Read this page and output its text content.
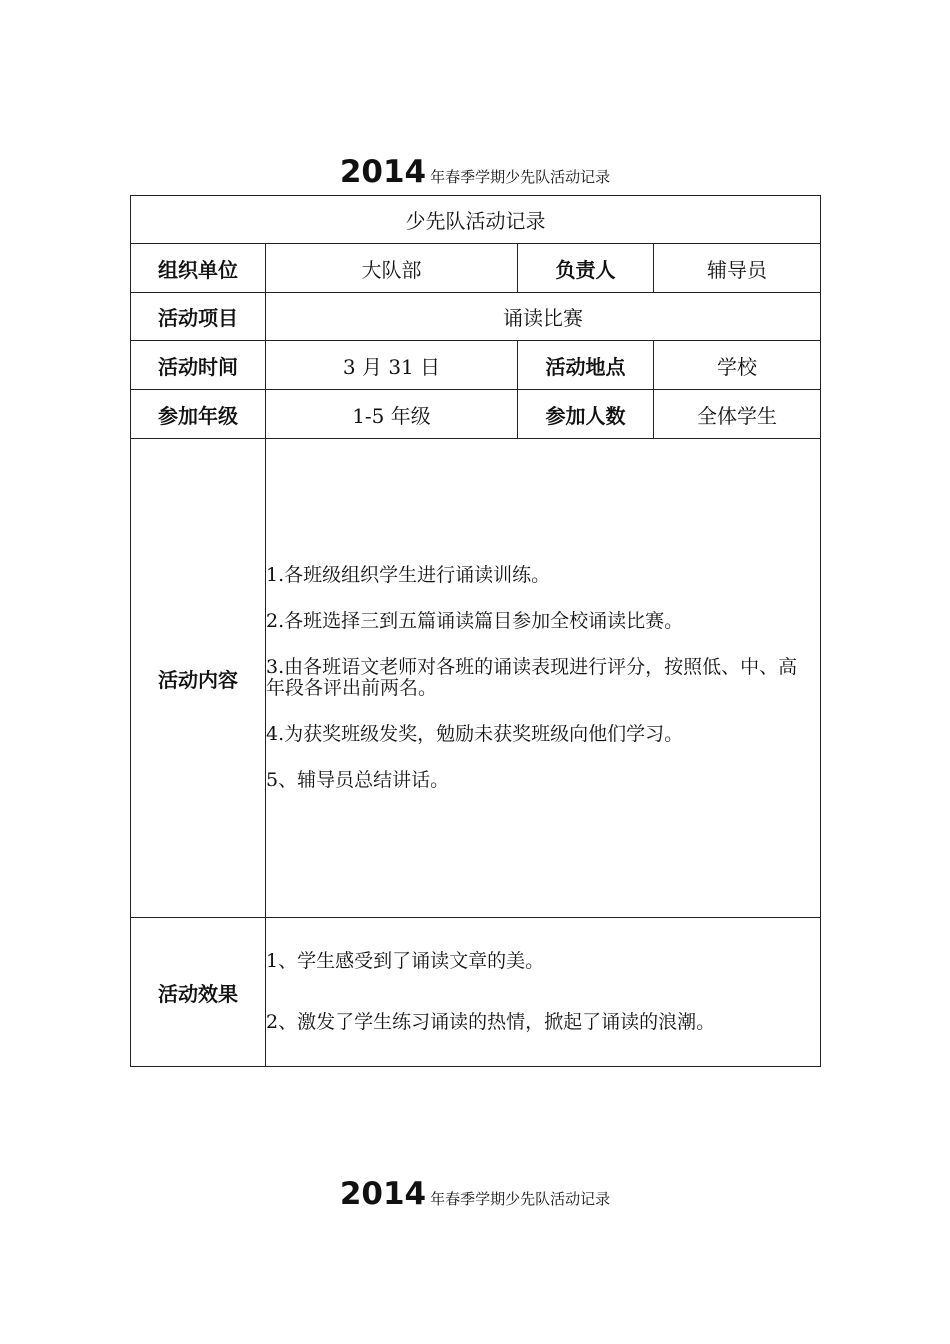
2014 年春季学期少先队活动记录
少先队活动记录			
组织单位	大队部	负责人	辅导员
活动项目	诵读比赛		
活动时间	3 月 31 日	活动地点	学校
参加年级	1-5 年级	参加人数	全体学生
活动内容	1.各班级组织学生进行诵读训练。

2.各班选择三到五篇诵读篇目参加全校诵读比赛。

3.由各班语文老师对各班的诵读表现进行评分，按照低、中、高年段各评出前两名。

4.为获奖班级发奖，勉励未获奖班级向他们学习。

5、辅导员总结讲话。		

活动效果	1、学生感受到了诵读文章的美。

2、激发了学生练习诵读的热情，掀起了诵读的浪潮。		

2014 年春季学期少先队活动记录
